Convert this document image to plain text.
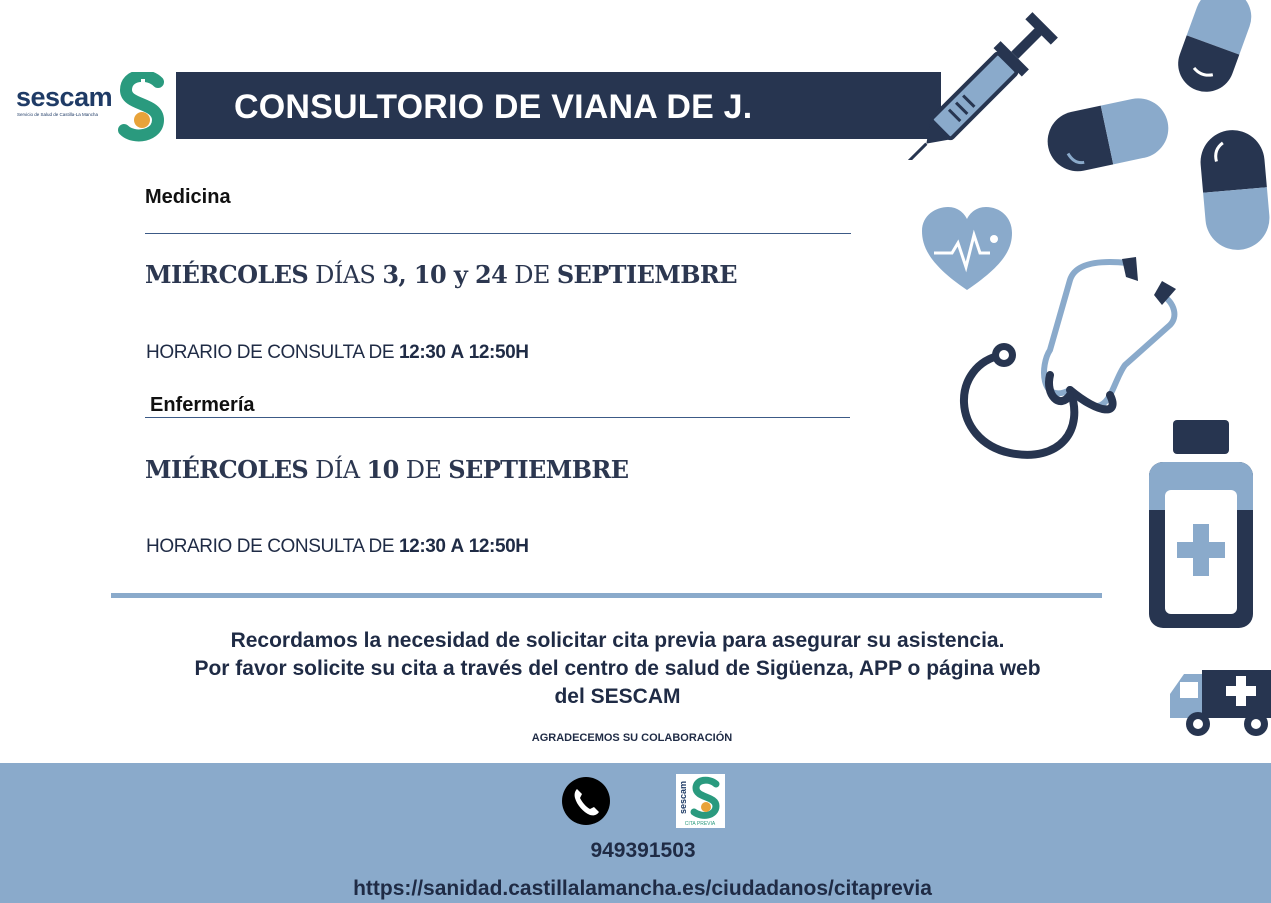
sescam
Servicio de Salud de Castilla-La Mancha	CONSULTORIO DE VIANA DE J.
Medicina
MIÉRCOLES DÍAS 3, 10 y 24 DE SEPTIEMBRE
HORARIO DE CONSULTA DE 12:30 A 12:50H
Enfermería
MIÉRCOLES DÍA 10 DE SEPTIEMBRE
HORARIO DE CONSULTA DE 12:30 A 12:50H
Recordamos la necesidad de solicitar cita previa para asegurar su asistencia.
Por favor solicite su cita a través del centro de salud de Sigüenza, APP o página web
del SESCAM
AGRADECEMOS SU COLABORACIÓN
sescam
CITA PREVIA
949391503
https://sanidad.castillalamancha.es/ciudadanos/citaprevia
